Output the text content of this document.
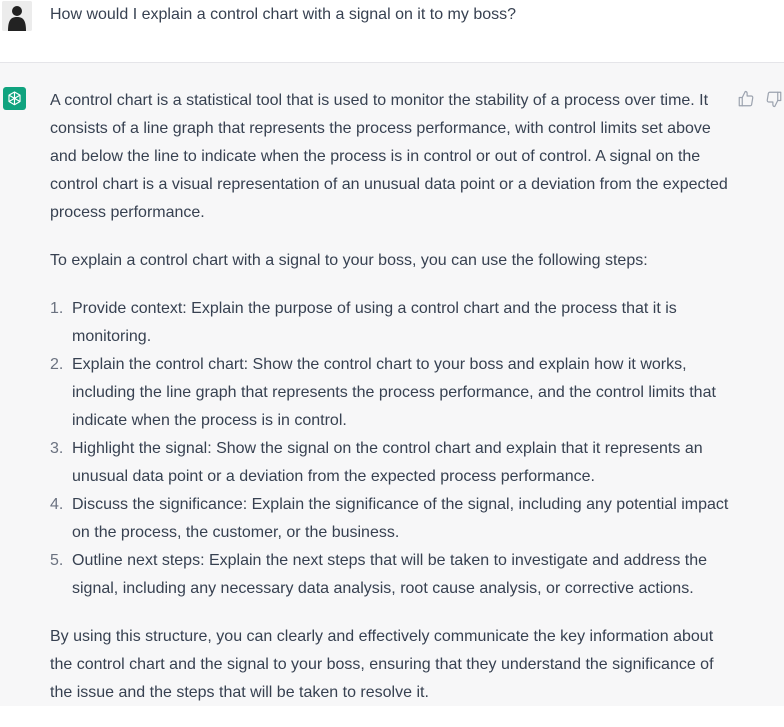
How would I explain a control chart with a signal on it to my boss?

A control chart is a statistical tool that is used to monitor the stability of a process over time. It consists of a line graph that represents the process performance, with control limits set above and below the line to indicate when the process is in control or out of control. A signal on the control chart is a visual representation of an unusual data point or a deviation from the expected process performance.

To explain a control chart with a signal to your boss, you can use the following steps:

1. Provide context: Explain the purpose of using a control chart and the process that it is monitoring.
2. Explain the control chart: Show the control chart to your boss and explain how it works, including the line graph that represents the process performance, and the control limits that indicate when the process is in control.
3. Highlight the signal: Show the signal on the control chart and explain that it represents an unusual data point or a deviation from the expected process performance.
4. Discuss the significance: Explain the significance of the signal, including any potential impact on the process, the customer, or the business.
5. Outline next steps: Explain the next steps that will be taken to investigate and address the signal, including any necessary data analysis, root cause analysis, or corrective actions.

By using this structure, you can clearly and effectively communicate the key information about the control chart and the signal to your boss, ensuring that they understand the significance of the issue and the steps that will be taken to resolve it.
